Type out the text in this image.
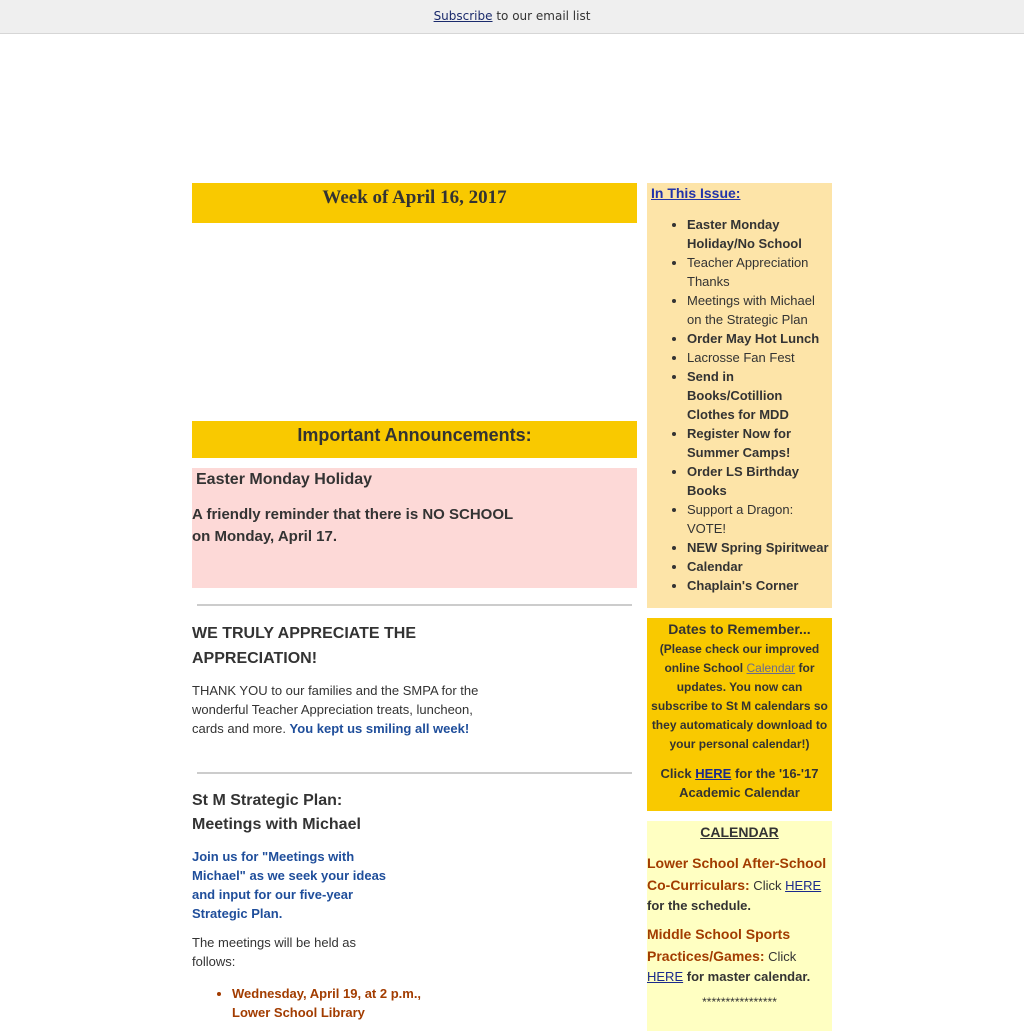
Subscribe to our email list
Week of April 16, 2017
Important Announcements:
Easter Monday Holiday
A friendly reminder that there is NO SCHOOL on Monday, April 17.
WE TRULY APPRECIATE THE APPRECIATION!
THANK YOU to our families and the SMPA for the wonderful Teacher Appreciation treats, luncheon, cards and more. You kept us smiling all week!
St M Strategic Plan: Meetings with Michael
Join us for "Meetings with Michael" as we seek your ideas and input for our five-year Strategic Plan.
The meetings will be held as follows:
• Wednesday, April 19, at 2 p.m., Lower School Library
In This Issue:
• Easter Monday Holiday/No School
• Teacher Appreciation Thanks
• Meetings with Michael on the Strategic Plan
• Order May Hot Lunch
• Lacrosse Fan Fest
• Send in Books/Cotillion Clothes for MDD
• Register Now for Summer Camps!
• Order LS Birthday Books
• Support a Dragon: VOTE!
• NEW Spring Spiritwear
• Calendar
• Chaplain's Corner
Dates to Remember...
(Please check our improved online School Calendar for updates. You now can subscribe to St M calendars so they automaticaly download to your personal calendar!)
Click HERE for the '16-'17 Academic Calendar
CALENDAR
Lower School After-School Co-Curriculars: Click HERE for the schedule.
Middle School Sports Practices/Games: Click HERE for master calendar.
****************
